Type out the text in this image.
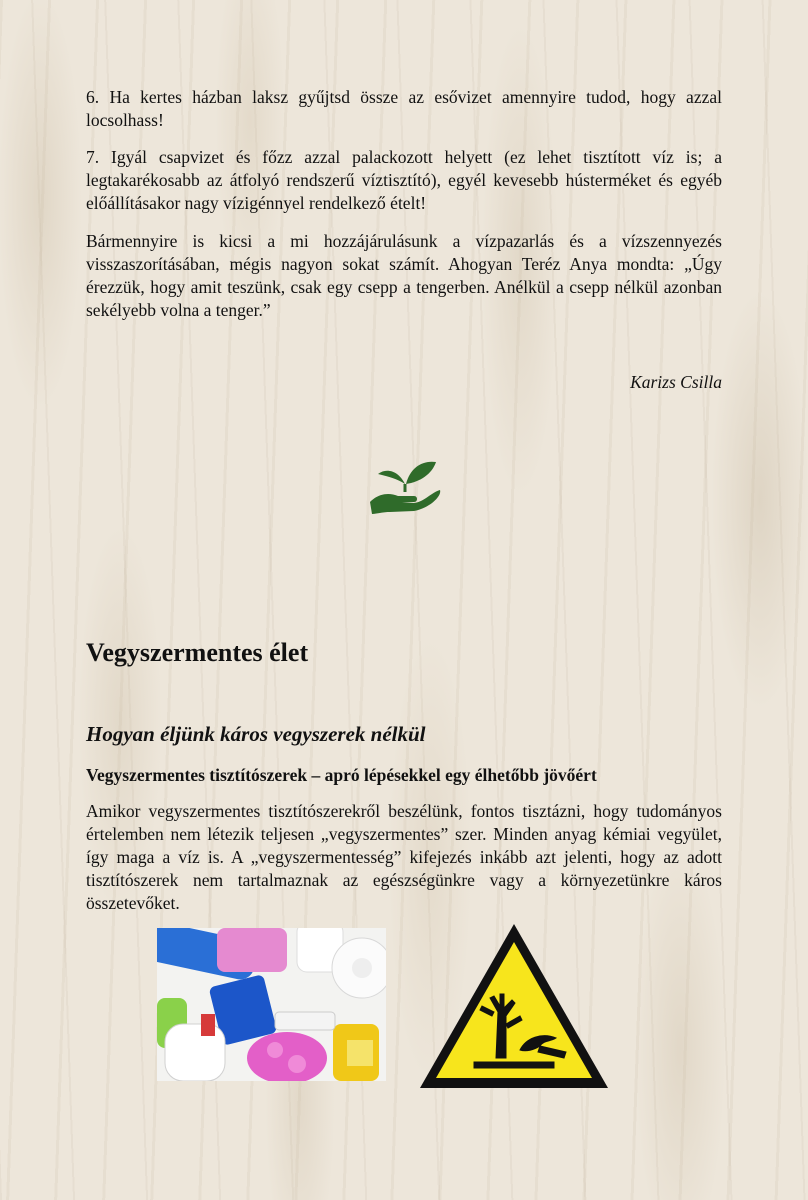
6. Ha kertes házban laksz gyűjtsd össze az esővizet amennyire tudod, hogy azzal locsolhass!

7. Igyál csapvizet és főzz azzal palackozott helyett (ez lehet tisztított víz is; a legtakarékosabb az átfolyó rendszerű víztisztító), egyél kevesebb hústerméket és egyéb előállításakor nagy vízigénnyel rendelkező ételt!

Bármennyire is kicsi a mi hozzájárulásunk a vízpazarlás és a vízszennyezés visszaszorításában, mégis nagyon sokat számít. Ahogyan Teréz Anya mondta: „Úgy érezzük, hogy amit teszünk, csak egy csepp a tengerben. Anélkül a csepp nélkül azonban sekélyebb volna a tenger.”

Karizs Csilla

Vegyszermentes élet
Hogyan éljünk káros vegyszerek nélkül
Vegyszermentes tisztítószerek – apró lépésekkel egy élhetőbb jövőért

Amikor vegyszermentes tisztítószerekről beszélünk, fontos tisztázni, hogy tudományos értelemben nem létezik teljesen „vegyszermentes” szer. Minden anyag kémiai vegyület, így maga a víz is. A „vegyszermentesség” kifejezés inkább azt jelenti, hogy az adott tisztítószerek nem tartalmaznak az egészségünkre vagy a környezetünkre káros összetevőket.
